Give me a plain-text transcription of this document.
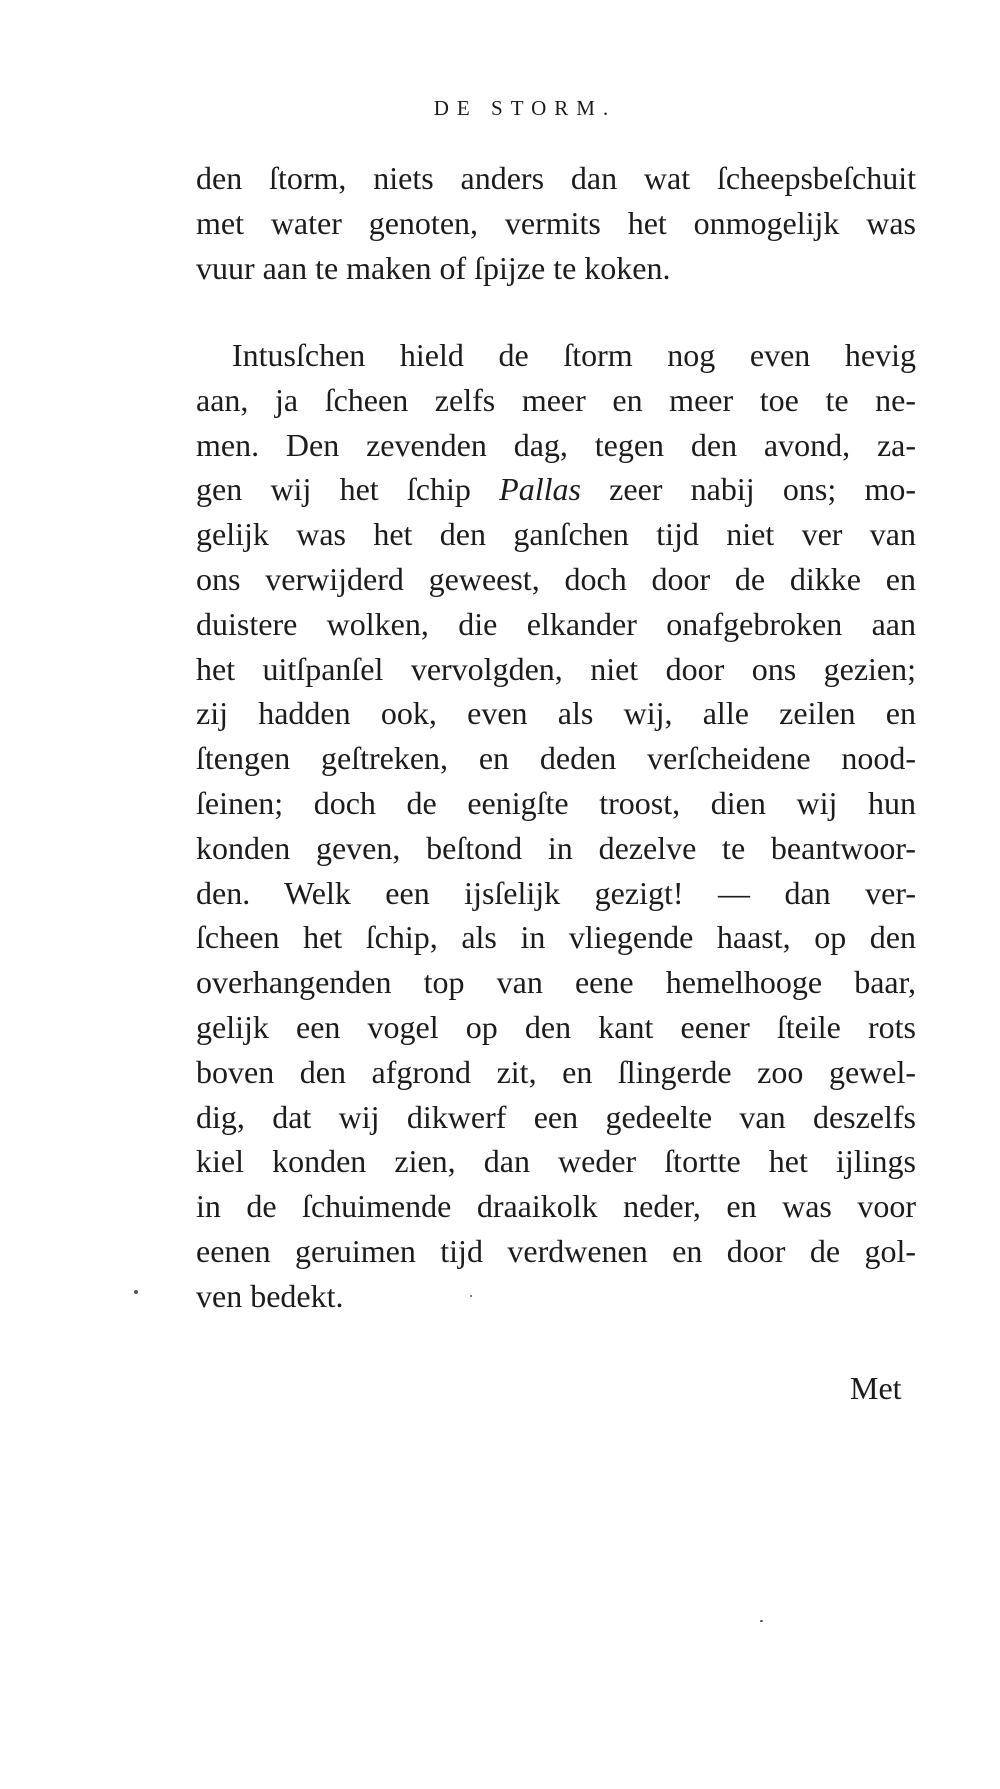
DE STORM.
den ſtorm, niets anders dan wat ſcheepsbeſchuit
met water genoten, vermits het onmogelijk was
vuur aan te maken of ſpijze te koken.
Intusſchen hield de ſtorm nog even hevig
aan, ja ſcheen zelfs meer en meer toe te ne-
men. Den zevenden dag, tegen den avond, za-
gen wij het ſchip Pallas zeer nabij ons; mo-
gelijk was het den ganſchen tijd niet ver van
ons verwijderd geweest, doch door de dikke en
duistere wolken, die elkander onafgebroken aan
het uitſpanſel vervolgden, niet door ons gezien;
zij hadden ook, even als wij, alle zeilen en
ſtengen geſtreken, en deden verſcheidene nood-
ſeinen; doch de eenigſte troost, dien wij hun
konden geven, beſtond in dezelve te beantwoor-
den. Welk een ijsſelijk gezigt! — dan ver-
ſcheen het ſchip, als in vliegende haast, op den
overhangenden top van eene hemelhooge baar,
gelijk een vogel op den kant eener ſteile rots
boven den afgrond zit, en ſlingerde zoo gewel-
dig, dat wij dikwerf een gedeelte van deszelfs
kiel konden zien, dan weder ſtortte het ijlings
in de ſchuimende draaikolk neder, en was voor
eenen geruimen tijd verdwenen en door de gol-
ven bedekt.
Met
